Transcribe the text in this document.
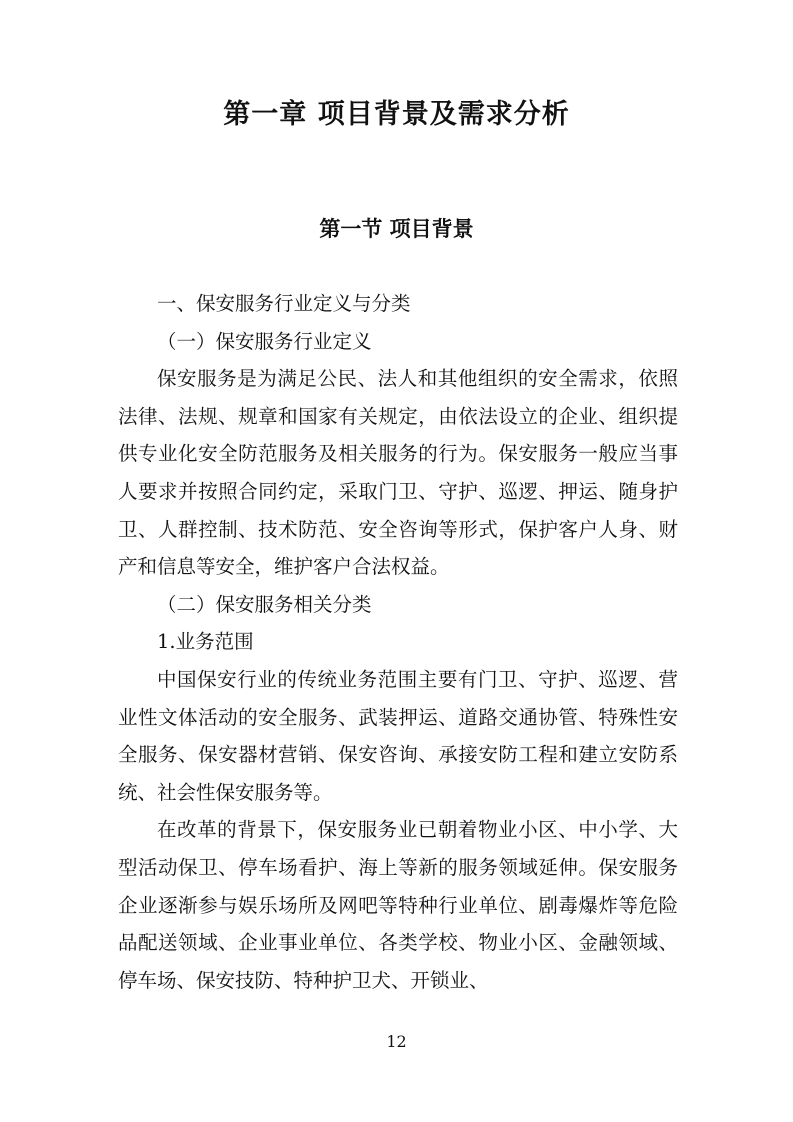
第一章 项目背景及需求分析
第一节 项目背景

一、保安服务行业定义与分类

（一）保安服务行业定义

保安服务是为满足公民、法人和其他组织的安全需求，依照法律、法规、规章和国家有关规定，由依法设立的企业、组织提供专业化安全防范服务及相关服务的行为。保安服务一般应当事人要求并按照合同约定，采取门卫、守护、巡逻、押运、随身护卫、人群控制、技术防范、安全咨询等形式，保护客户人身、财产和信息等安全，维护客户合法权益。

（二）保安服务相关分类

1.业务范围

中国保安行业的传统业务范围主要有门卫、守护、巡逻、营业性文体活动的安全服务、武装押运、道路交通协管、特殊性安全服务、保安器材营销、保安咨询、承接安防工程和建立安防系统、社会性保安服务等。

在改革的背景下，保安服务业已朝着物业小区、中小学、大型活动保卫、停车场看护、海上等新的服务领域延伸。保安服务企业逐渐参与娱乐场所及网吧等特种行业单位、剧毒爆炸等危险品配送领域、企业事业单位、各类学校、物业小区、金融领域、停车场、保安技防、特种护卫犬、开锁业、

12
